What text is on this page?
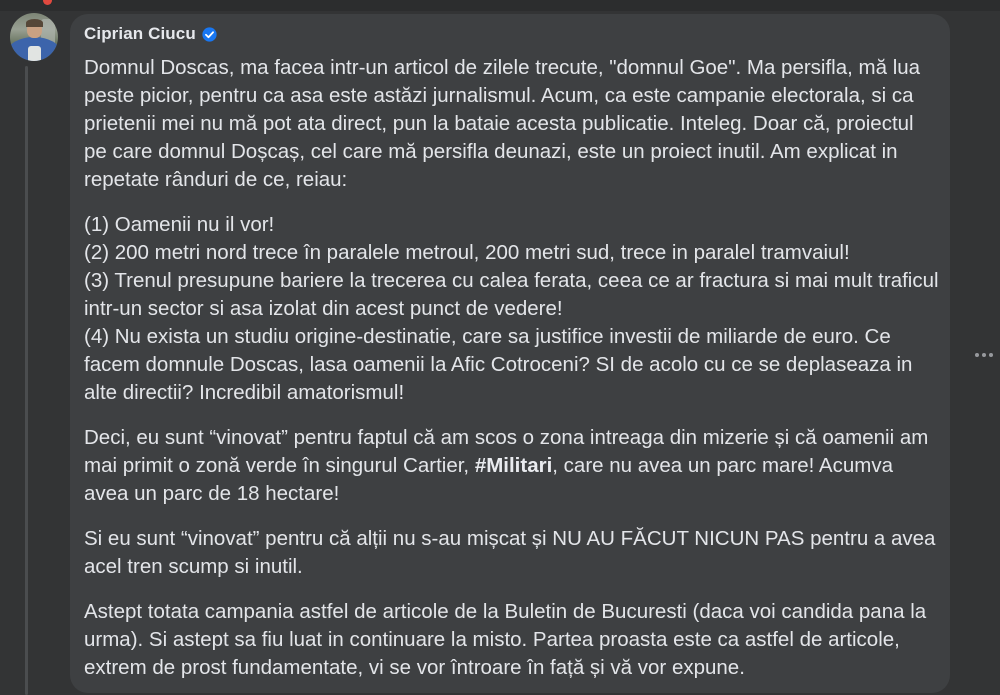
Ciprian Ciucu
Domnul Doscas, ma facea intr-un articol de zilele trecute, "domnul Goe". Ma persifla, mă lua peste picior, pentru ca asa este astăzi jurnalismul. Acum, ca este campanie electorala, si ca prietenii mei nu mă pot ata direct, pun la bataie acesta publicatie. Inteleg. Doar că, proiectul pe care domnul Doșcaș, cel care mă persifla deunazi, este un proiect inutil. Am explicat in repetate rânduri de ce, reiau:
(1) Oamenii nu il vor!
(2) 200 metri nord trece în paralele metroul, 200 metri sud, trece in paralel tramvaiul!
(3) Trenul presupune bariere la trecerea cu calea ferata, ceea ce ar fractura si mai mult traficul intr-un sector si asa izolat din acest punct de vedere!
(4) Nu exista un studiu origine-destinatie, care sa justifice investii de miliarde de euro. Ce facem domnule Doscas, lasa oamenii la Afic Cotroceni? SI de acolo cu ce se deplaseaza in alte directii? Incredibil amatorismul!
Deci, eu sunt “vinovat” pentru faptul că am scos o zona intreaga din mizerie și că oamenii am mai primit o zonă verde în singurul Cartier, #Militari, care nu avea un parc mare! Acumva avea un parc de 18 hectare!
Si eu sunt “vinovat” pentru că alții nu s-au mișcat și NU AU FĂCUT NICUN PAS pentru a avea acel tren scump si inutil.
Astept totata campania astfel de articole de la Buletin de Bucuresti (daca voi candida pana la urma). Si astept sa fiu luat in continuare la misto. Partea proasta este ca astfel de articole, extrem de prost fundamentate, vi se vor întroare în față și vă vor expune.
